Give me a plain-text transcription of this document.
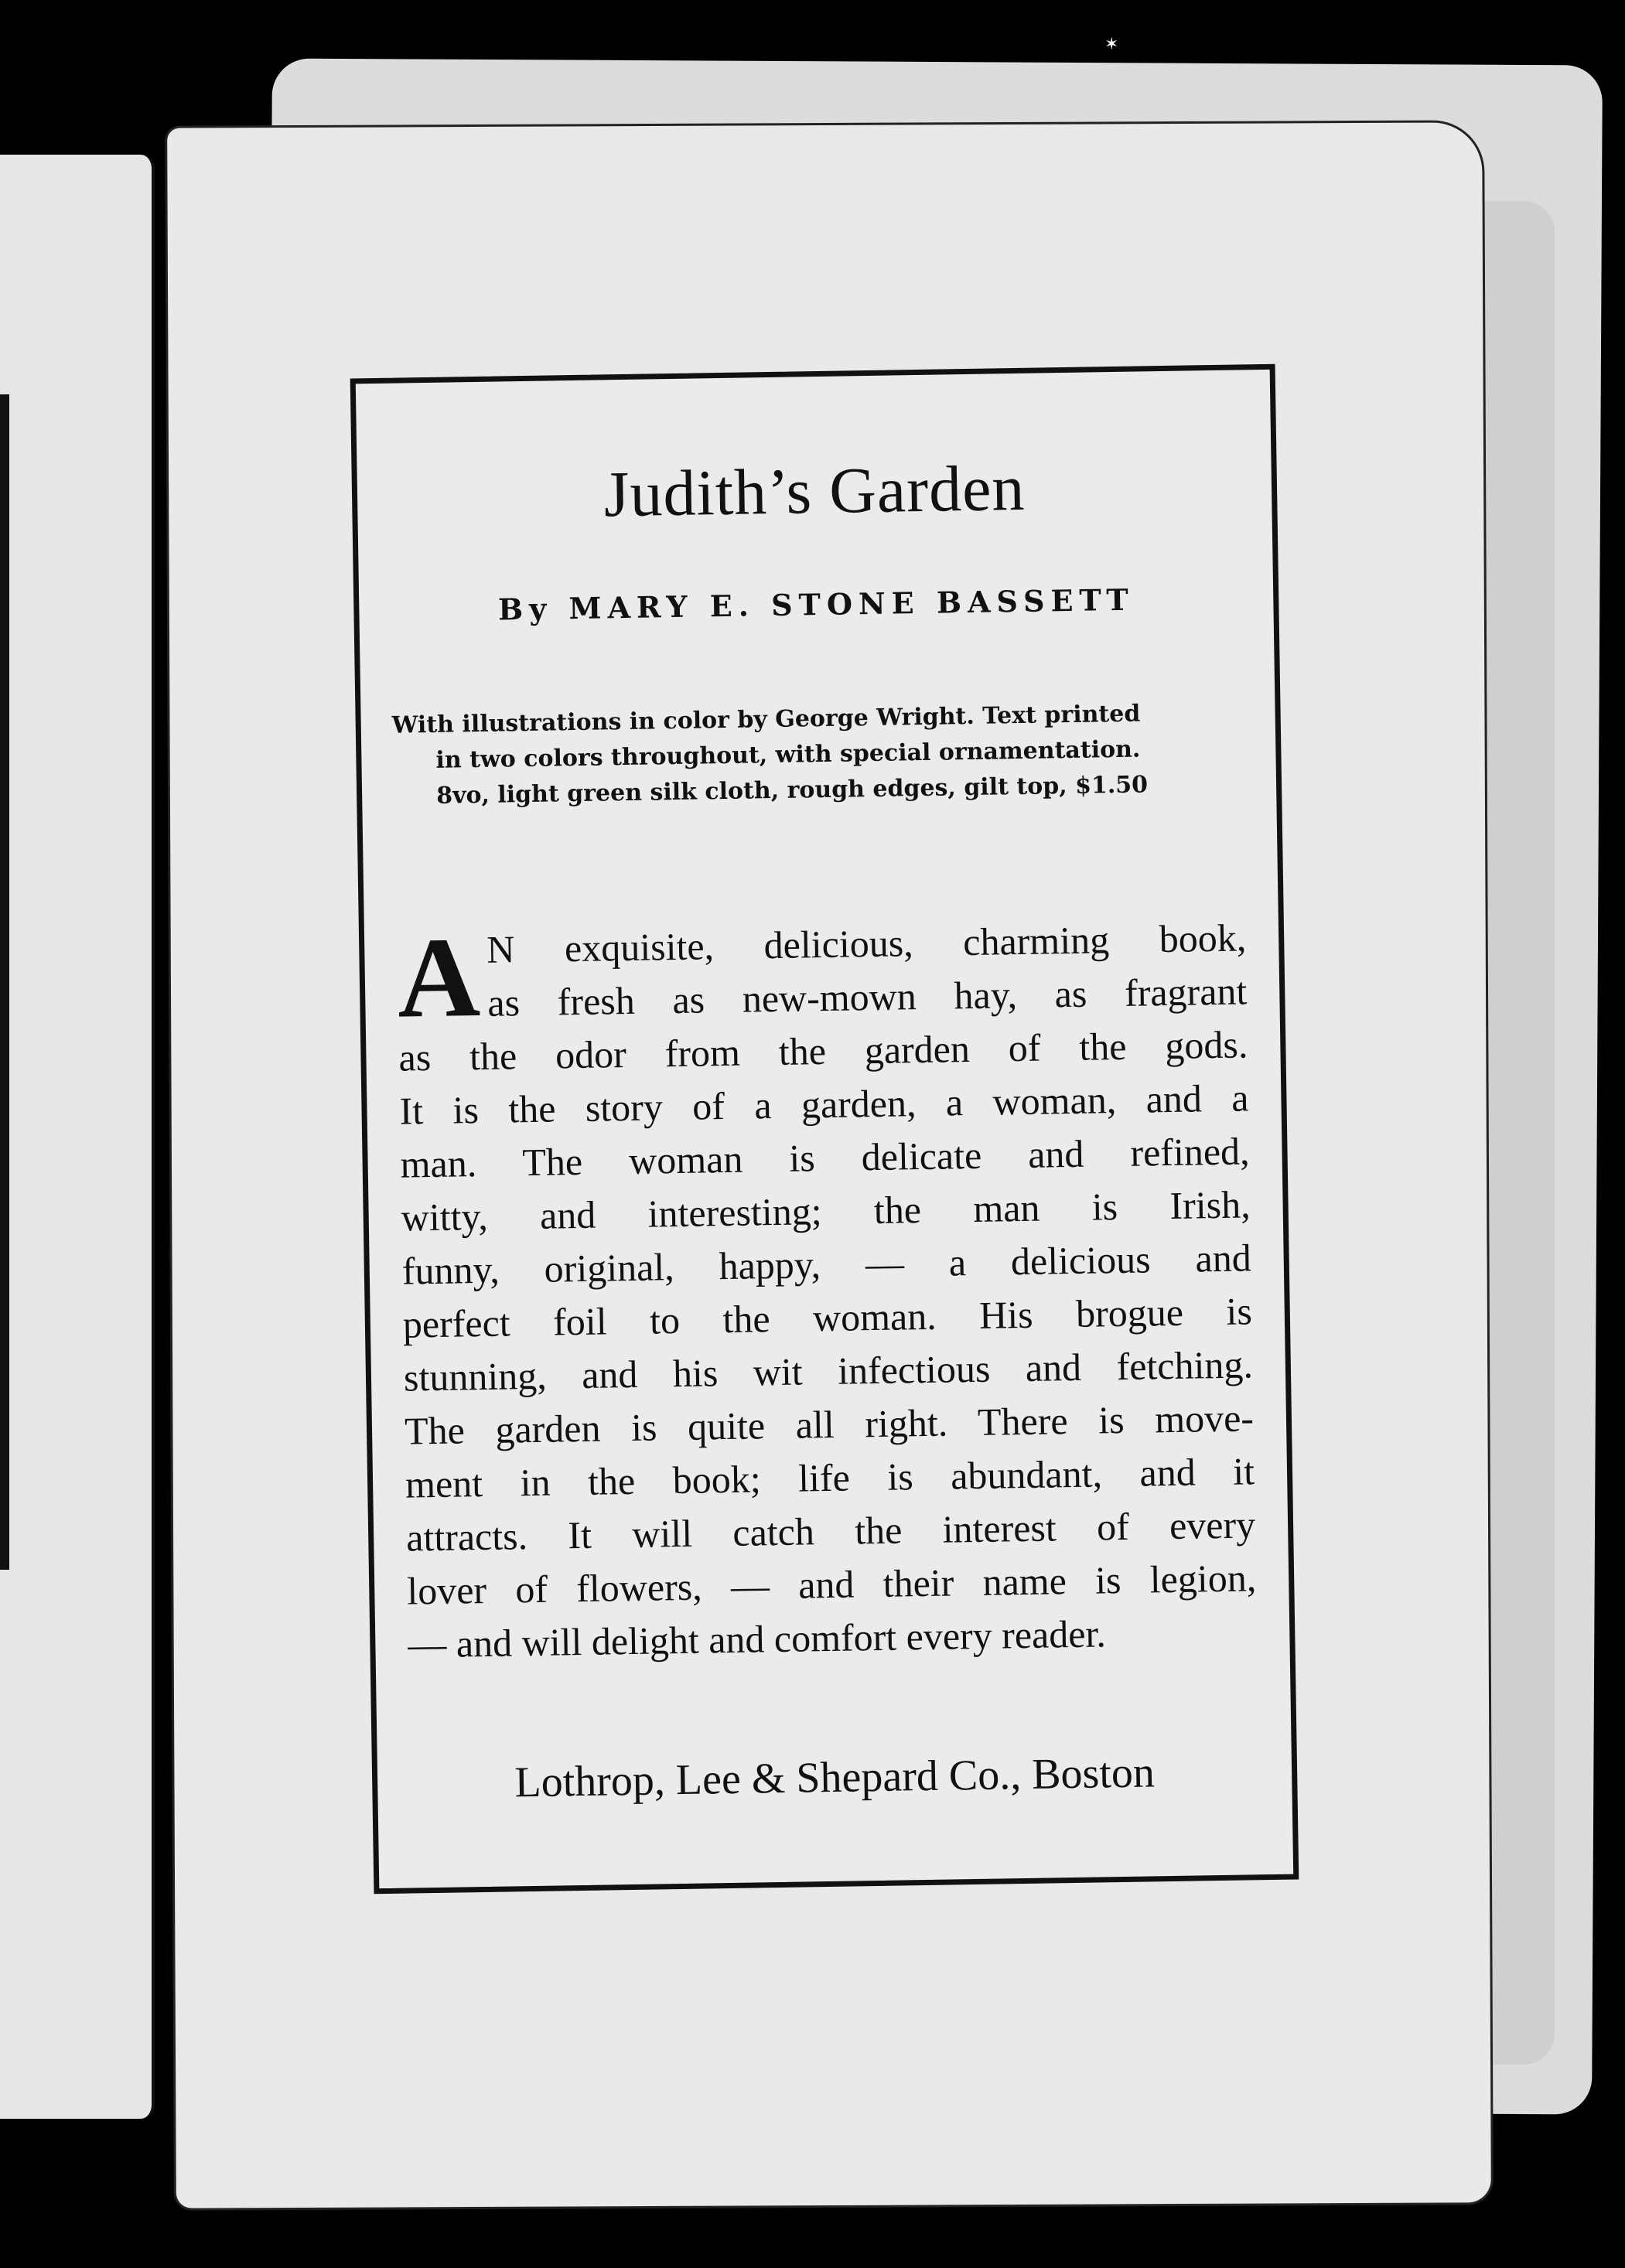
✶
Judith’s Garden
By MARY E. STONE BASSETT
With illustrations in color by George Wright. Text printed
in two colors throughout, with special ornamentation.
8vo, light green silk cloth, rough edges, gilt top, $1.50
A N exquisite, delicious, charming book,
as fresh as new-mown hay, as fragrant
as the odor from the garden of the gods.
It is the story of a garden, a woman, and a
man. The woman is delicate and refined,
witty, and interesting; the man is Irish,
funny, original, happy, — a delicious and
perfect foil to the woman. His brogue is
stunning, and his wit infectious and fetching.
The garden is quite all right. There is move-
ment in the book; life is abundant, and it
attracts. It will catch the interest of every
lover of flowers, — and their name is legion,
— and will delight and comfort every reader.
Lothrop, Lee & Shepard Co., Boston
